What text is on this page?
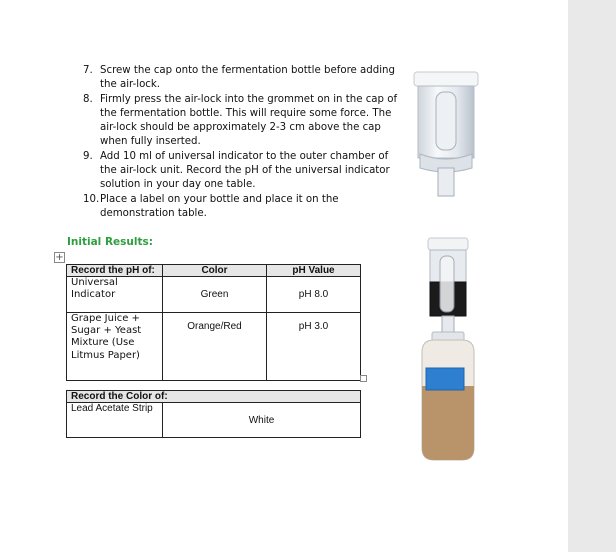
7. Screw the cap onto the fermentation bottle before adding the air-lock.

8. Firmly press the air-lock into the grommet on in the cap of the fermentation bottle. This will require some force. The air-lock should be approximately 2-3 cm above the cap when fully inserted.

9. Add 10 ml of universal indicator to the outer chamber of the air-lock unit. Record the pH of the universal indicator solution in your day one table.

10. Place a label on your bottle and place it on the demonstration table.

Initial Results:
+
Record the pH of:	Color	pH Value
Universal Indicator	Green	pH 8.0
Grape Juice + Sugar + Yeast Mixture (Use Litmus Paper)	Orange/Red	pH 3.0
Record the Color of:
Lead Acetate Strip	White
